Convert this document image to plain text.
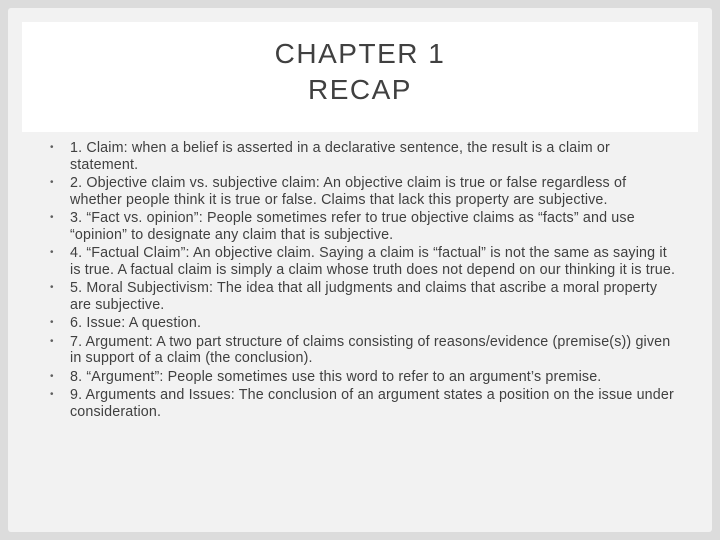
CHAPTER 1
RECAP
• 1. Claim: when a belief is asserted in a declarative sentence, the result is a claim or statement.
• 2. Objective claim vs. subjective claim: An objective claim is true or false regardless of whether people think it is true or false. Claims that lack this property are subjective.
• 3. “Fact vs. opinion”: People sometimes refer to true objective claims as “facts” and use “opinion” to designate any claim that is subjective.
• 4. “Factual Claim”: An objective claim. Saying a claim is “factual” is not the same as saying it is true. A factual claim is simply a claim whose truth does not depend on our thinking it is true.
• 5. Moral Subjectivism: The idea that all judgments and claims that ascribe a moral property are subjective.
• 6. Issue: A question.
• 7. Argument: A two part structure of claims consisting of reasons/evidence (premise(s)) given in support of a claim (the conclusion).
• 8. “Argument”: People sometimes use this word to refer to an argument’s premise.
• 9. Arguments and Issues: The conclusion of an argument states a position on the issue under consideration.
